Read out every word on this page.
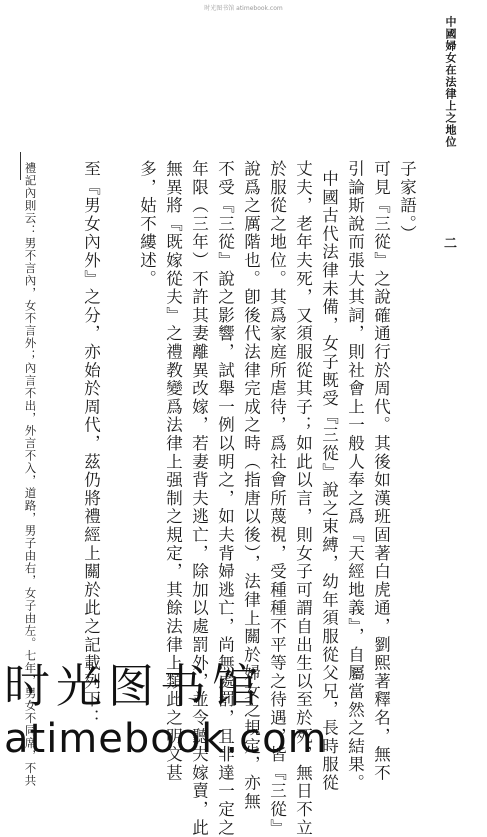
时光图书馆 atimebook.com
中國婦女在法律上之地位
二
子家語。）
可見『三從』之說確通行於周代。其後如漢班固著白虎通，劉熙著釋名，無不
引論斯說而張大其詞，則社會上一般人奉之爲『天經地義』，自屬當然之結果。
中國古代法律未備，女子既受『三從』說之束縛，幼年須服從父兄，長時服從
丈夫，老年夫死，又須服從其子；如此以言，則女子可謂自出生以至於死，無日不立
於服從之地位。其爲家庭所虐待，爲社會所蔑視，受種種不平等之待遇，皆『三從』
說爲之厲階也。卽後代法律完成之時（指唐以後），法律上關於婦女之規定，亦無
不受『三從』說之影響，試舉一例以明之，如夫背婦逃亡，尚無處罰，且非達一定之
年限（三年）不許其妻離異改嫁，若妻背夫逃亡，除加以處罰外，並令聽夫嫁賣，此
無異將『既嫁從夫』之禮教變爲法律上强制之規定，其餘法律上類此之明文甚
多，姑不縷述。
至『男女內外』之分，亦始於周代，茲仍將禮經上關於此之記載列下：
禮記內則云：男不言內，女不言外；內言不出，外言不入，道路，男子由右，女子由左。七年，男女不同席，不共
时光图书馆
atimebook.com
